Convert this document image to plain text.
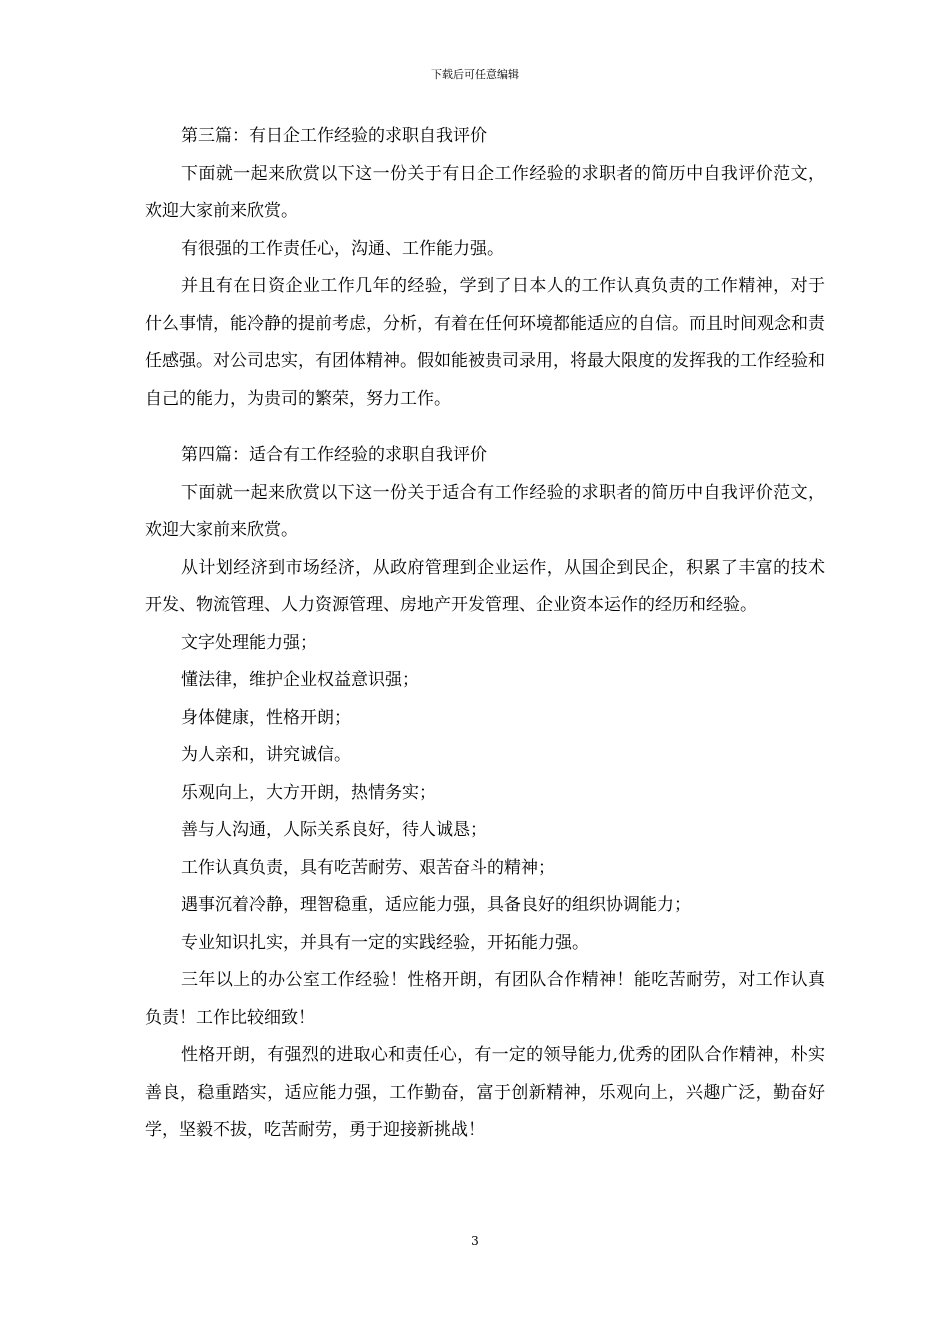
下载后可任意编辑

第三篇：有日企工作经验的求职自我评价

下面就一起来欣赏以下这一份关于有日企工作经验的求职者的简历中自我评价范文，欢迎大家前来欣赏。

有很强的工作责任心，沟通、工作能力强。

并且有在日资企业工作几年的经验，学到了日本人的工作认真负责的工作精神，对于什么事情，能冷静的提前考虑，分析，有着在任何环境都能适应的自信。而且时间观念和责任感强。对公司忠实，有团体精神。假如能被贵司录用，将最大限度的发挥我的工作经验和自己的能力，为贵司的繁荣，努力工作。

第四篇：适合有工作经验的求职自我评价

下面就一起来欣赏以下这一份关于适合有工作经验的求职者的简历中自我评价范文，欢迎大家前来欣赏。

从计划经济到市场经济，从政府管理到企业运作，从国企到民企，积累了丰富的技术开发、物流管理、人力资源管理、房地产开发管理、企业资本运作的经历和经验。

文字处理能力强；

懂法律，维护企业权益意识强；

身体健康，性格开朗；

为人亲和，讲究诚信。

乐观向上，大方开朗，热情务实；

善与人沟通，人际关系良好，待人诚恳；

工作认真负责，具有吃苦耐劳、艰苦奋斗的精神；

遇事沉着冷静，理智稳重，适应能力强，具备良好的组织协调能力；

专业知识扎实，并具有一定的实践经验，开拓能力强。

三年以上的办公室工作经验！性格开朗，有团队合作精神！能吃苦耐劳，对工作认真负责！工作比较细致！

性格开朗，有强烈的进取心和责任心，有一定的领导能力,优秀的团队合作精神，朴实善良，稳重踏实，适应能力强，工作勤奋，富于创新精神，乐观向上，兴趣广泛，勤奋好学，坚毅不拔，吃苦耐劳，勇于迎接新挑战！

3
